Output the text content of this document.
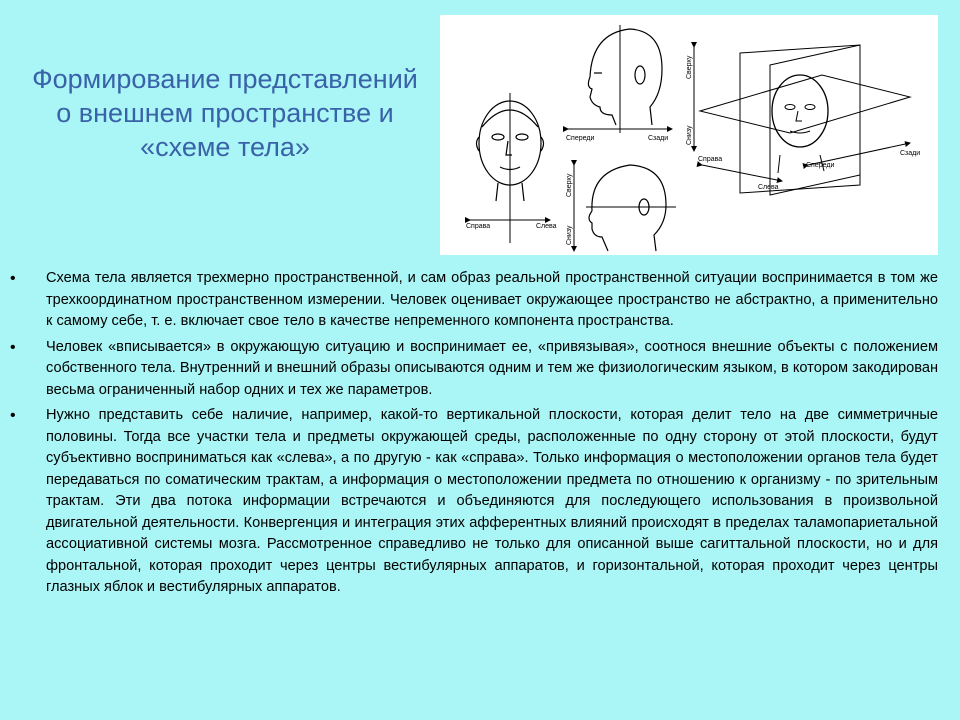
Формирование представлений о внешнем пространстве и «схеме тела»
Справа	Слева
Спереди	Сзади
Сверху
Снизу
Сверху
Снизу
Справа
Слева
Спереди
Сзади
• Схема тела является трехмерно пространственной, и сам образ реальной пространственной ситуации воспринимается в том же трехкоординатном пространственном измерении. Человек оценивает окружающее пространство не абстрактно, а применительно к самому себе, т. е. включает свое тело в качестве непременного компонента пространства.
• Человек «вписывается» в окружающую ситуацию и воспринимает ее, «привязывая», соотнося внешние объекты с положением собственного тела. Внутренний и внешний образы описываются одним и тем же физиологическим языком, в котором закодирован весьма ограниченный набор одних и тех же параметров.
• Нужно представить себе наличие, например, какой-то вертикальной плоскости, которая делит тело на две симметричные половины. Тогда все участки тела и предметы окружающей среды, расположенные по одну сторону от этой плоскости, будут субъективно восприниматься как «слева», а по другую - как «справа». Только информация о местоположении органов тела будет передаваться по соматическим трактам, а информация о местоположении предмета по отношению к организму - по зрительным трактам. Эти два потока информации встречаются и объединяются для последующего использования в произвольной двигательной деятельности. Конвергенция и интеграция этих афферентных влияний происходят в пределах таламопариетальной ассоциативной системы мозга. Рассмотренное справедливо не только для описанной выше сагиттальной плоскости, но и для фронтальной, которая проходит через центры вестибулярных аппаратов, и горизонтальной, которая проходит через центры глазных яблок и вестибулярных аппаратов.
